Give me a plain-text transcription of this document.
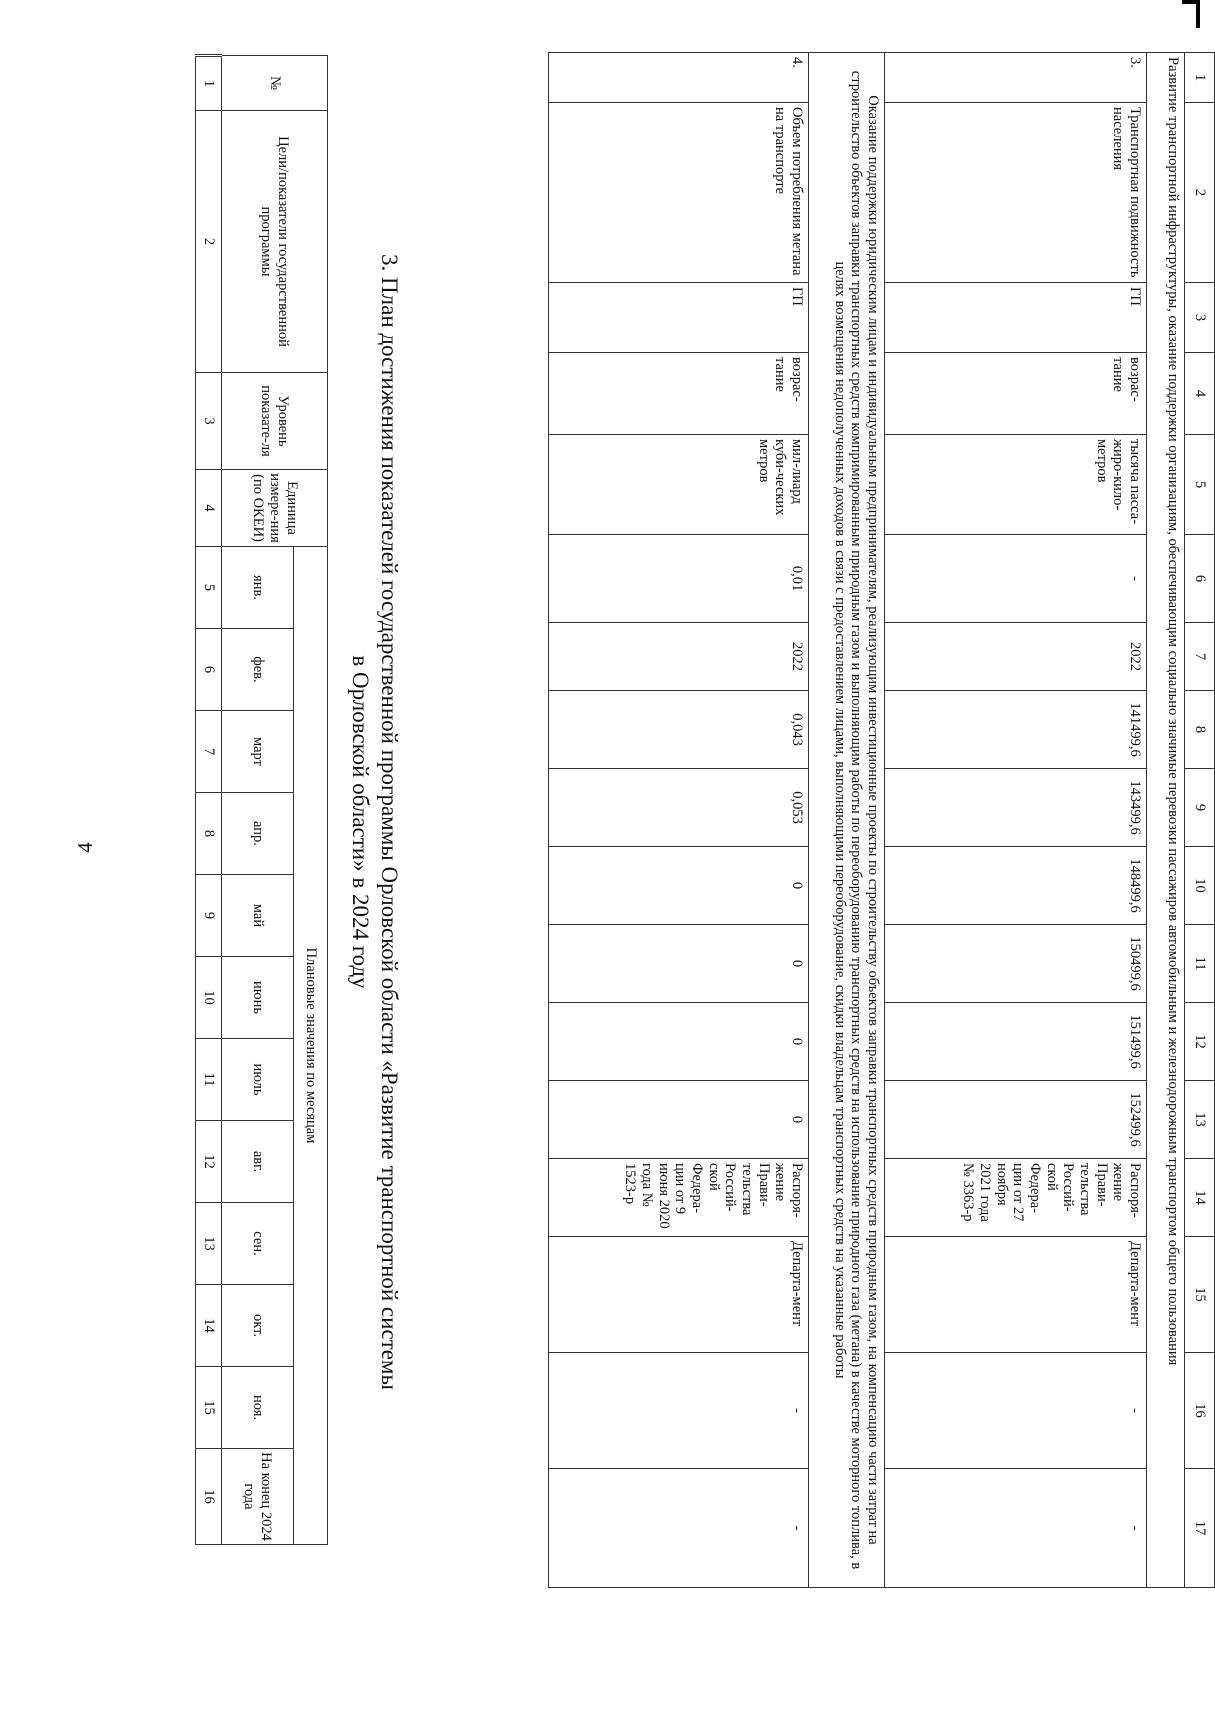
4
1	2	3	4	5	6	7	8	9	10	11	12	13	14	15	16	17
Развитие транспортной инфраструктуры, оказание поддержки организациям, обеспечивающим социально значимые перевозки пассажиров автомобильным и железнодорожным транспортом общего пользования																
3.	Транспортная подвижность населения	ГП	возрас-тание	тысяча пасса-жиро-кило-метров	-	2022	141499,6	143499,6	148499,6	150499,6	151499,6	152499,6	Распоря-жение Прави-тельства Россий-ской Федера-ции от 27 ноября 2021 года № 3363-р	Департа-мент	-	-
Оказание поддержки юридическим лицам и индивидуальным предпринимателям, реализующим инвестиционные проекты по строительству объектов заправки транспортных средств природным газом, на компенсацию части затрат на строительство объектов заправки транспортных средств компримированным природным газом и выполняющим работы по переоборудованию транспортных средств на использование природного газа (метана) в качестве моторного топлива, в целях возмещения недополученных доходов в связи с предоставлением лицами, выполняющими переоборудование, скидки владельцам транспортных средств на указанные работы																
4.	Объем потребления метана на транспорте	ГП	возрас-тание	мил-лиард куби-ческих метров	0,01	2022	0,043	0,053	0	0	0	0	Распоря-жение Прави-тельства Россий-ской Федера-ции от 9 июня 2020 года № 1523-р	Департа-мент	-	-
3. План достижения показателей государственной программы Орловской области «Развитие транспортной системы
в Орловской области» в 2024 году
№	Цели/показатели государственной программы	Уровень показате-ля	Единица измере-ния (по ОКЕИ)	Плановые значения по месяцам											
				янв.	фев.	март	апр.	май	июнь	июль	авг.	сен.	окт.	ноя.	На конец 2024 года
1	2	3	4	5	6	7	8	9	10	11	12	13	14	15	16
